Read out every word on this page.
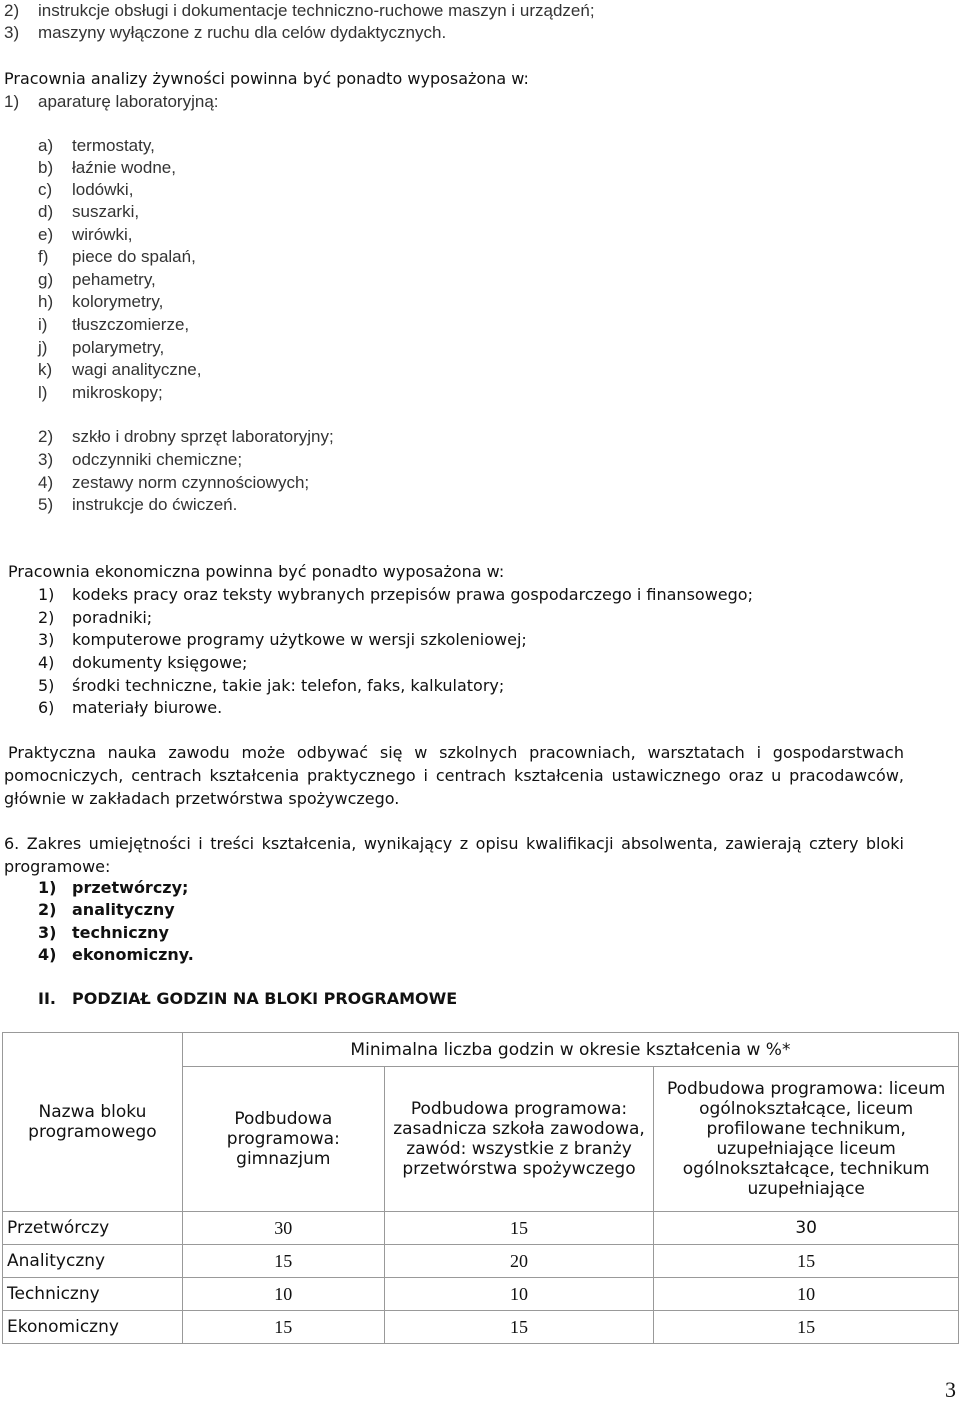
2) instrukcje obsługi i dokumentacje techniczno-ruchowe maszyn i urządzeń;
3) maszyny wyłączone z ruchu dla celów dydaktycznych.
Pracownia analizy żywności powinna być ponadto wyposażona w:
1) aparaturę laboratoryjną:
a) termostaty,
b) łaźnie wodne,
c) lodówki,
d) suszarki,
e) wirówki,
f) piece do spalań,
g) pehametry,
h) kolorymetry,
i) tłuszczomierze,
j) polarymetry,
k) wagi analityczne,
l) mikroskopy;
2) szkło i drobny sprzęt laboratoryjny;
3) odczynniki chemiczne;
4) zestawy norm czynnościowych;
5) instrukcje do ćwiczeń.
Pracownia ekonomiczna powinna być ponadto wyposażona w:
1) kodeks pracy oraz teksty wybranych przepisów prawa gospodarczego i finansowego;
2) poradniki;
3) komputerowe programy użytkowe w wersji szkoleniowej;
4) dokumenty księgowe;
5) środki techniczne, takie jak: telefon, faks, kalkulatory;
6) materiały biurowe.
Praktyczna nauka zawodu może odbywać się w szkolnych pracowniach, warsztatach i gospodarstwach pomocniczych, centrach kształcenia praktycznego i centrach kształcenia ustawicznego oraz u pracodawców, głównie w zakładach przetwórstwa spożywczego.
6. Zakres umiejętności i treści kształcenia, wynikający z opisu kwalifikacji absolwenta, zawierają cztery bloki programowe:
1) przetwórczy;
2) analityczny
3) techniczny
4) ekonomiczny.
II. PODZIAŁ GODZIN NA BLOKI PROGRAMOWE
Nazwa bloku programowego	Minimalna liczba godzin w okresie kształcenia w %*		
	Podbudowa programowa: gimnazjum	Podbudowa programowa: zasadnicza szkoła zawodowa, zawód: wszystkie z branży przetwórstwa spożywczego	Podbudowa programowa: liceum ogólnokształcące, liceum profilowane technikum, uzupełniające liceum ogólnokształcące, technikum uzupełniające
Przetwórczy	30	15	30
Analityczny	15	20	15
Techniczny	10	10	10
Ekonomiczny	15	15	15
3
